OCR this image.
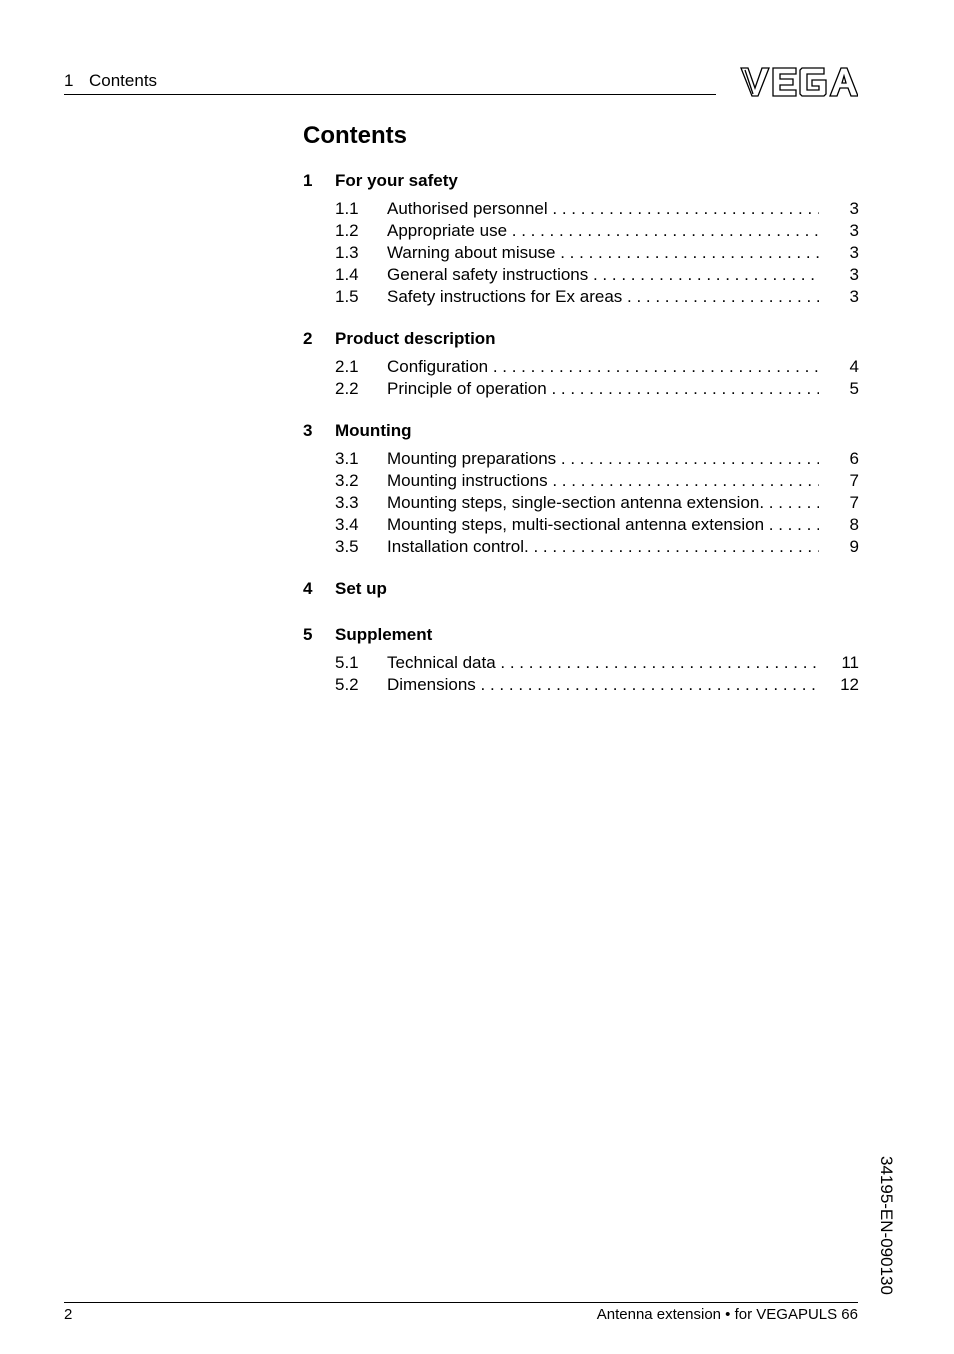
1 Contents
Contents
1 For your safety
1.1 Authorised personnel . . .	3
1.2 Appropriate use . . .	3
1.3 Warning about misuse . . .	3
1.4 General safety instructions . . .	3
1.5 Safety instructions for Ex areas . . .	3
2 Product description
2.1 Configuration . . .	4
2.2 Principle of operation . . .	5
3 Mounting
3.1 Mounting preparations . . .	6
3.2 Mounting instructions . . .	7
3.3 Mounting steps, single-section antenna extension. . . .	7
3.4 Mounting steps, multi-sectional antenna extension . . .	8
3.5 Installation control. . . .	9
4 Set up
5 Supplement
5.1 Technical data . . .	11
5.2 Dimensions . . .	12
34195-EN-090130
2	Antenna extension • for VEGAPULS 66
